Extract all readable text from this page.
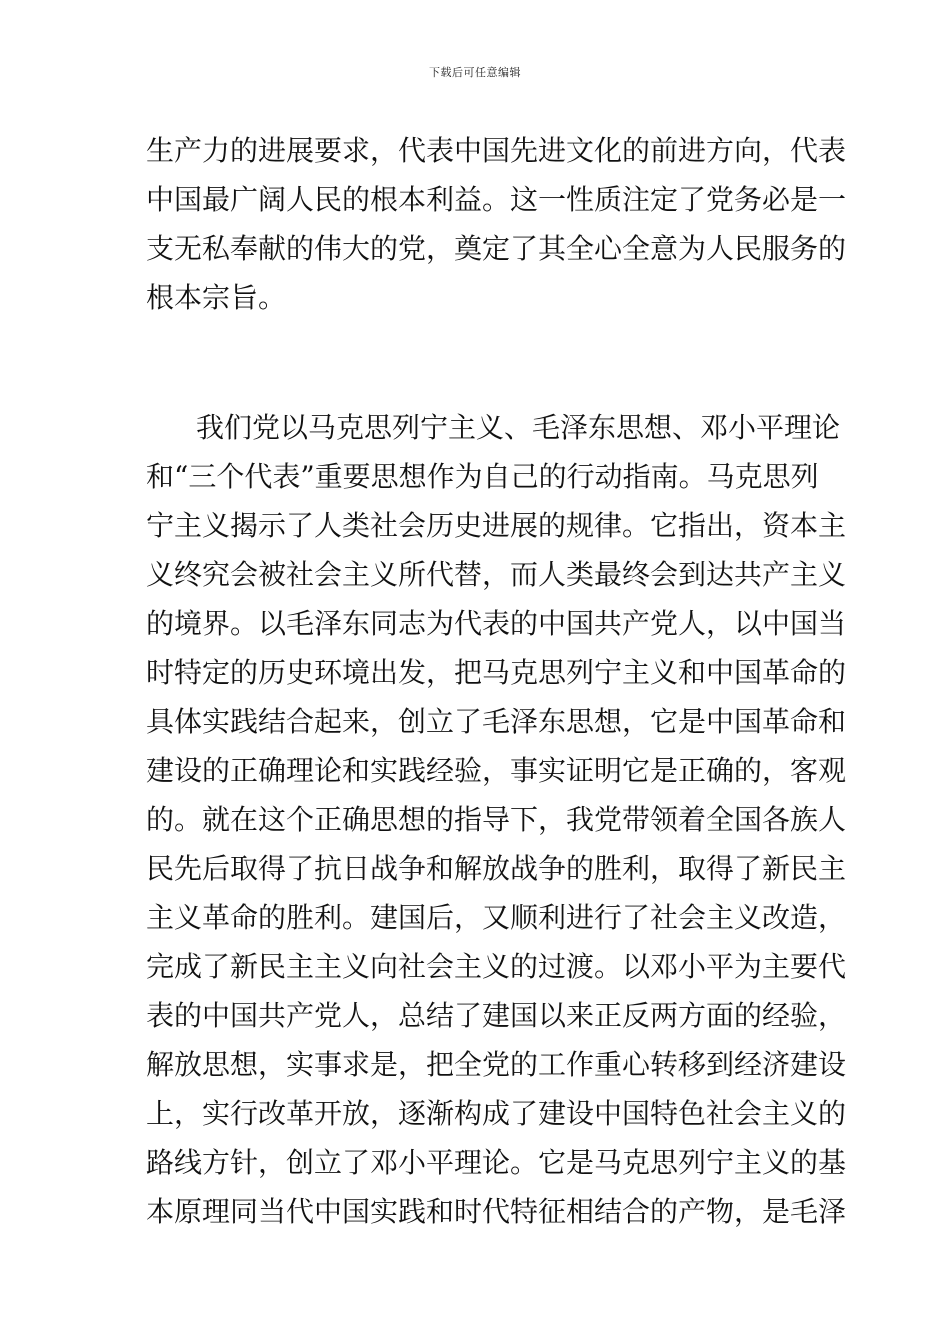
下载后可任意编辑
生产力的进展要求，代表中国先进文化的前进方向，代表
中国最广阔人民的根本利益。这一性质注定了党务必是一
支无私奉献的伟大的党，奠定了其全心全意为人民服务的
根本宗旨。
我们党以马克思列宁主义、毛泽东思想、邓小平理论
和“三个代表”重要思想作为自己的行动指南。马克思列
宁主义揭示了人类社会历史进展的规律。它指出，资本主
义终究会被社会主义所代替，而人类最终会到达共产主义
的境界。以毛泽东同志为代表的中国共产党人，以中国当
时特定的历史环境出发，把马克思列宁主义和中国革命的
具体实践结合起来，创立了毛泽东思想，它是中国革命和
建设的正确理论和实践经验，事实证明它是正确的，客观
的。就在这个正确思想的指导下，我党带领着全国各族人
民先后取得了抗日战争和解放战争的胜利，取得了新民主
主义革命的胜利。建国后，又顺利进行了社会主义改造，
完成了新民主主义向社会主义的过渡。以邓小平为主要代
表的中国共产党人，总结了建国以来正反两方面的经验，
解放思想，实事求是，把全党的工作重心转移到经济建设
上，实行改革开放，逐渐构成了建设中国特色社会主义的
路线方针，创立了邓小平理论。它是马克思列宁主义的基
本原理同当代中国实践和时代特征相结合的产物，是毛泽
